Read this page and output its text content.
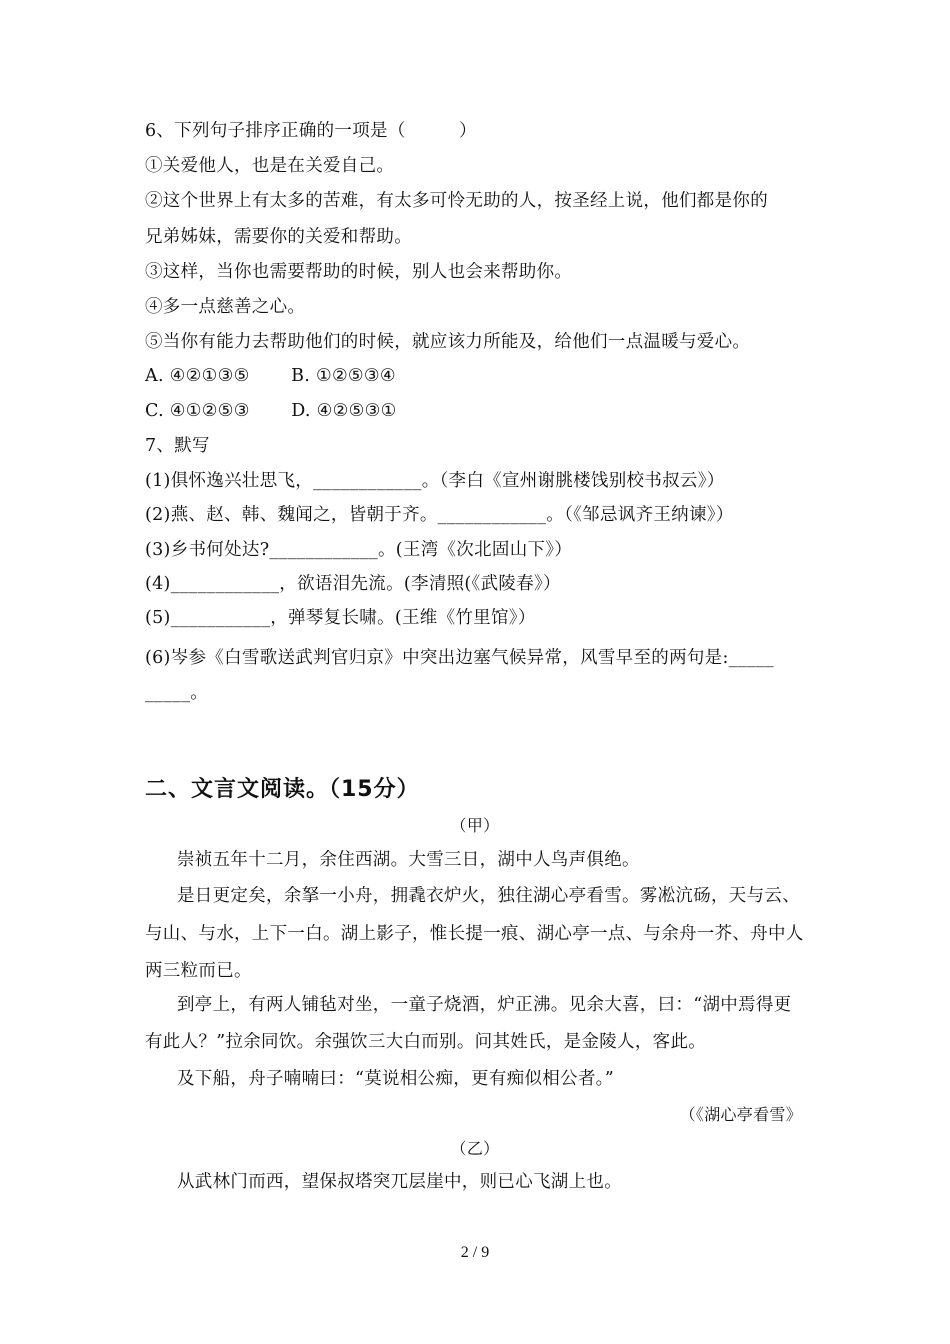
6、下列句子排序正确的一项是（　　　）
①关爱他人，也是在关爱自己。
②这个世界上有太多的苦难，有太多可怜无助的人，按圣经上说，他们都是你的
兄弟姊妹，需要你的关爱和帮助。
③这样，当你也需要帮助的时候，别人也会来帮助你。
④多一点慈善之心。
⑤当你有能力去帮助他们的时候，就应该力所能及，给他们一点温暖与爱心。
A. ④②①③⑤　　 B. ①②⑤③④
C. ④①②⑤③　　 D. ④②⑤③①
7、默写
(1)俱怀逸兴壮思飞，____________。（李白《宣州谢朓楼饯别校书叔云》）
(2)燕、赵、韩、魏闻之，皆朝于齐。____________。（《邹忌讽齐王纳谏》）
(3)乡书何处达?____________。(王湾《次北固山下》）
(4)____________，欲语泪先流。(李清照(《武陵春》）
(5)___________，弹琴复长啸。(王维《竹里馆》）
(6)岑参《白雪歌送武判官归京》中突出边塞气候异常，风雪早至的两句是:_____
_____。
二、文言文阅读。（15分）
（甲）
崇祯五年十二月，余住西湖。大雪三日，湖中人鸟声俱绝。
是日更定矣，余拏一小舟，拥毳衣炉火，独往湖心亭看雪。雾凇沆砀，天与云、
与山、与水，上下一白。湖上影子，惟长提一痕、湖心亭一点、与余舟一芥、舟中人
两三粒而已。
到亭上，有两人铺毡对坐，一童子烧酒，炉正沸。见余大喜，曰：“湖中焉得更
有此人？”拉余同饮。余强饮三大白而别。问其姓氏，是金陵人，客此。
及下船，舟子喃喃曰：“莫说相公痴，更有痴似相公者。”
（《湖心亭看雪》
（乙）
从武林门而西，望保叔塔突兀层崖中，则已心飞湖上也。
2 / 9
